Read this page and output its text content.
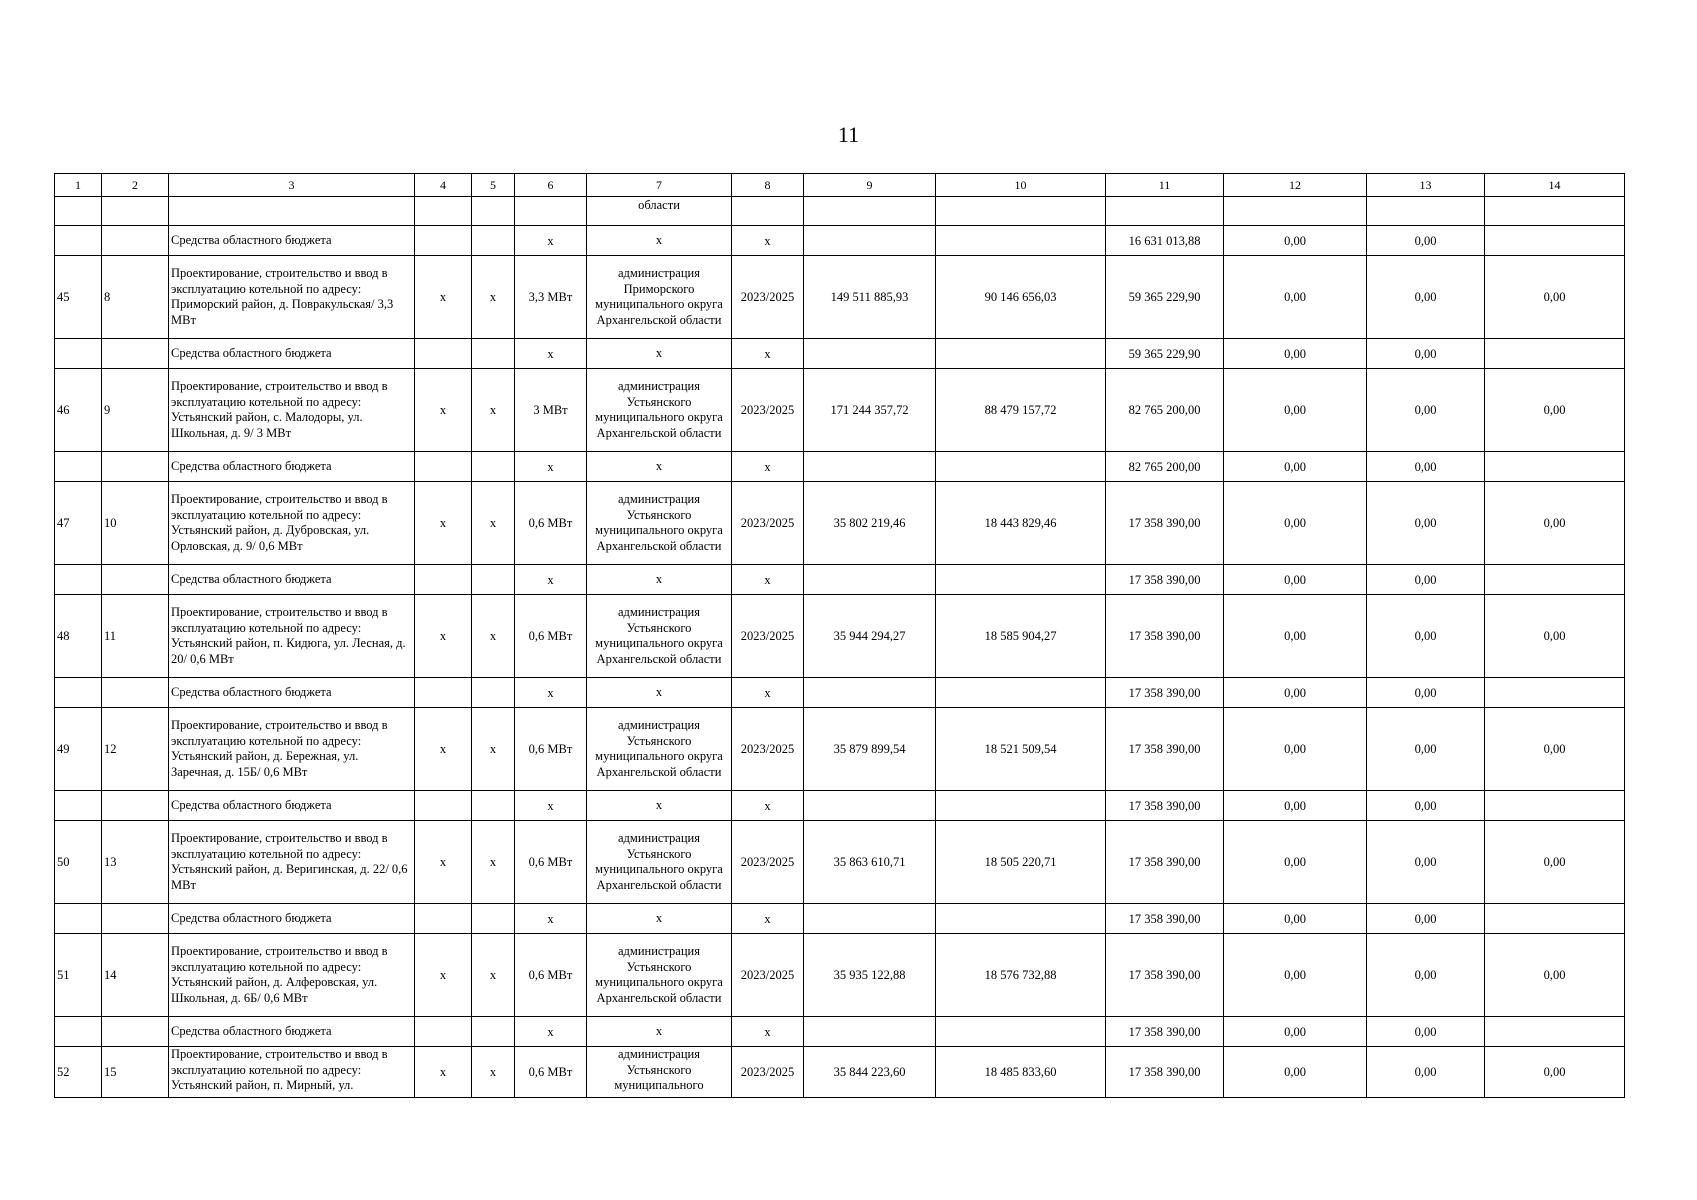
11
1	2	3	4	5	6	7	8	9	10	11	12	13	14
						области							
		Средства областного бюджета			х	х	х			16 631 013,88	0,00	0,00	
45	8	Проектирование, строительство и ввод в эксплуатацию котельной по адресу: Приморский район, д. Повракульская/ 3,3 МВт	х	х	3,3 МВт	администрация Приморского муниципального округа Архангельской области	2023/2025	149 511 885,93	90 146 656,03	59 365 229,90	0,00	0,00	0,00
		Средства областного бюджета			х	х	х			59 365 229,90	0,00	0,00	
46	9	Проектирование, строительство и ввод в эксплуатацию котельной по адресу: Устьянский район, с. Малодоры, ул. Школьная, д. 9/ 3 МВт	х	х	3 МВт	администрация Устьянского муниципального округа Архангельской области	2023/2025	171 244 357,72	88 479 157,72	82 765 200,00	0,00	0,00	0,00
		Средства областного бюджета			х	х	х			82 765 200,00	0,00	0,00	
47	10	Проектирование, строительство и ввод в эксплуатацию котельной по адресу: Устьянский район, д. Дубровская, ул. Орловская, д. 9/ 0,6 МВт	х	х	0,6 МВт	администрация Устьянского муниципального округа Архангельской области	2023/2025	35 802 219,46	18 443 829,46	17 358 390,00	0,00	0,00	0,00
		Средства областного бюджета			х	х	х			17 358 390,00	0,00	0,00	
48	11	Проектирование, строительство и ввод в эксплуатацию котельной по адресу: Устьянский район, п. Кидюга, ул. Лесная, д. 20/ 0,6 МВт	х	х	0,6 МВт	администрация Устьянского муниципального округа Архангельской области	2023/2025	35 944 294,27	18 585 904,27	17 358 390,00	0,00	0,00	0,00
		Средства областного бюджета			х	х	х			17 358 390,00	0,00	0,00	
49	12	Проектирование, строительство и ввод в эксплуатацию котельной по адресу: Устьянский район, д. Бережная, ул. Заречная, д. 15Б/ 0,6 МВт	х	х	0,6 МВт	администрация Устьянского муниципального округа Архангельской области	2023/2025	35 879 899,54	18 521 509,54	17 358 390,00	0,00	0,00	0,00
		Средства областного бюджета			х	х	х			17 358 390,00	0,00	0,00	
50	13	Проектирование, строительство и ввод в эксплуатацию котельной по адресу: Устьянский район, д. Веригинская, д. 22/ 0,6 МВт	х	х	0,6 МВт	администрация Устьянского муниципального округа Архангельской области	2023/2025	35 863 610,71	18 505 220,71	17 358 390,00	0,00	0,00	0,00
		Средства областного бюджета			х	х	х			17 358 390,00	0,00	0,00	
51	14	Проектирование, строительство и ввод в эксплуатацию котельной по адресу: Устьянский район, д. Алферовская, ул. Школьная, д. 6Б/ 0,6 МВт	х	х	0,6 МВт	администрация Устьянского муниципального округа Архангельской области	2023/2025	35 935 122,88	18 576 732,88	17 358 390,00	0,00	0,00	0,00
		Средства областного бюджета			х	х	х			17 358 390,00	0,00	0,00	
52	15	Проектирование, строительство и ввод в эксплуатацию котельной по адресу: Устьянский район, п. Мирный, ул.	х	х	0,6 МВт	администрация Устьянского муниципального	2023/2025	35 844 223,60	18 485 833,60	17 358 390,00	0,00	0,00	0,00
